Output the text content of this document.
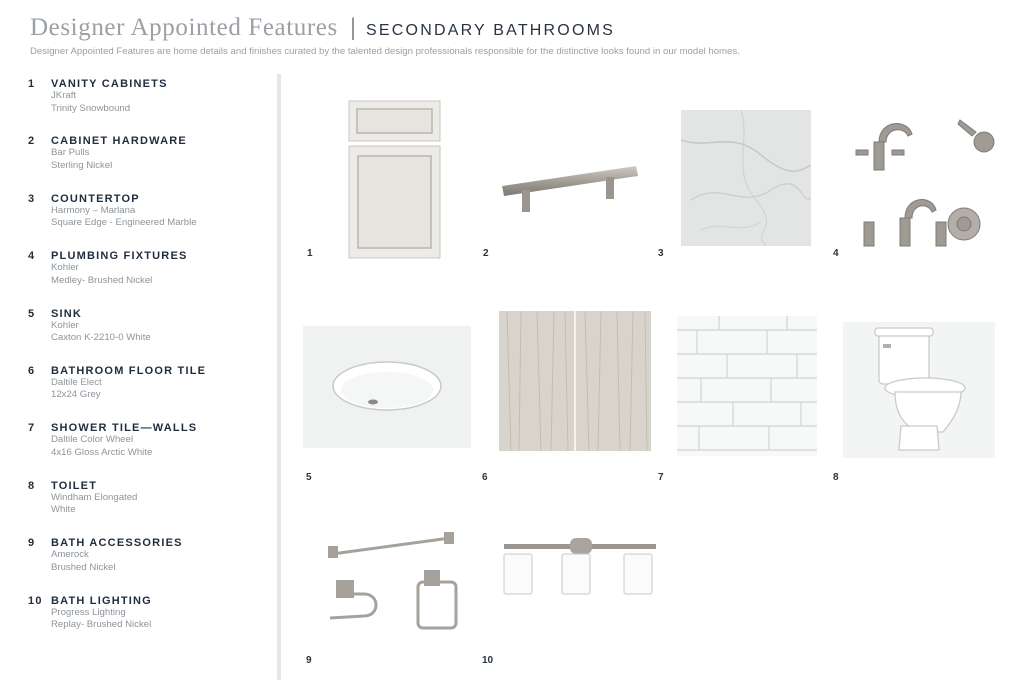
Designer Appointed Features | SECONDARY BATHROOMS
Designer Appointed Features are home details and finishes curated by the talented design professionals responsible for the distinctive looks found in our model homes.
1	VANITY CABINETS
JKraft
Trinity Snowbound
2	CABINET HARDWARE
Bar Pulls
Sterling Nickel
3	COUNTERTOP
Harmony – Marlana
Square Edge - Engineered Marble
4	PLUMBING FIXTURES
Kohler
Medley- Brushed Nickel
5	SINK
Kohler
Caxton K-2210-0 White
6	BATHROOM FLOOR TILE
Daltile Elect
12x24 Grey
7	SHOWER TILE—WALLS
Daltile Color Wheel
4x16 Gloss Arctic White
8	TOILET
Windham Elongated
White
9	BATH ACCESSORIES
Amerock
Brushed Nickel
10 BATH LIGHTING
Progress Lighting
Replay- Brushed Nickel
1	2	3	4
5	6	7	8
9	10
